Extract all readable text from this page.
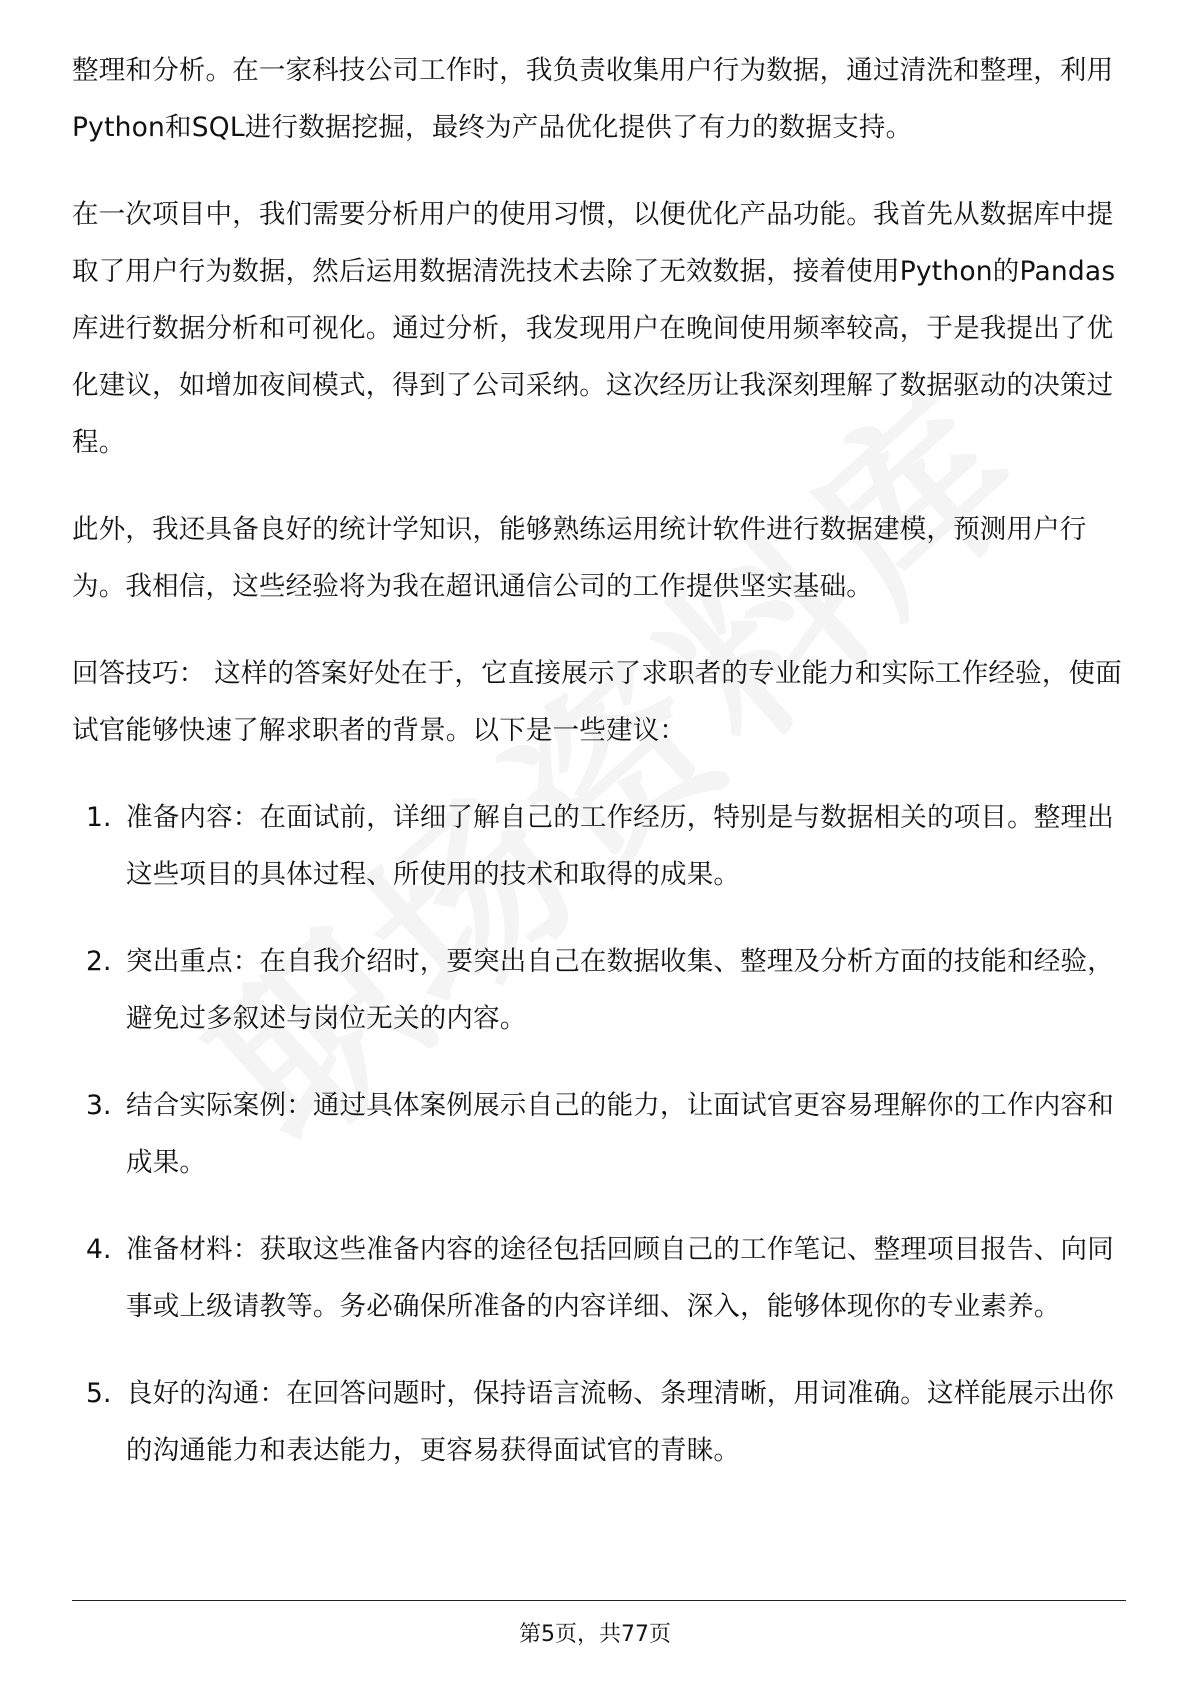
整理和分析。在一家科技公司工作时，我负责收集用户行为数据，通过清洗和整理，利用Python和SQL进行数据挖掘，最终为产品优化提供了有力的数据支持。

在一次项目中，我们需要分析用户的使用习惯，以便优化产品功能。我首先从数据库中提取了用户行为数据，然后运用数据清洗技术去除了无效数据，接着使用Python的Pandas库进行数据分析和可视化。通过分析，我发现用户在晚间使用频率较高，于是我提出了优化建议，如增加夜间模式，得到了公司采纳。这次经历让我深刻理解了数据驱动的决策过程。

此外，我还具备良好的统计学知识，能够熟练运用统计软件进行数据建模，预测用户行为。我相信，这些经验将为我在超讯通信公司的工作提供坚实基础。

回答技巧： 这样的答案好处在于，它直接展示了求职者的专业能力和实际工作经验，使面试官能够快速了解求职者的背景。以下是一些建议：

1. 准备内容：在面试前，详细了解自己的工作经历，特别是与数据相关的项目。整理出这些项目的具体过程、所使用的技术和取得的成果。
2. 突出重点：在自我介绍时，要突出自己在数据收集、整理及分析方面的技能和经验，避免过多叙述与岗位无关的内容。
3. 结合实际案例：通过具体案例展示自己的能力，让面试官更容易理解你的工作内容和成果。
4. 准备材料：获取这些准备内容的途径包括回顾自己的工作笔记、整理项目报告、向同事或上级请教等。务必确保所准备的内容详细、深入，能够体现你的专业素养。
5. 良好的沟通：在回答问题时，保持语言流畅、条理清晰，用词准确。这样能展示出你的沟通能力和表达能力，更容易获得面试官的青睐。
第5页，共77页
